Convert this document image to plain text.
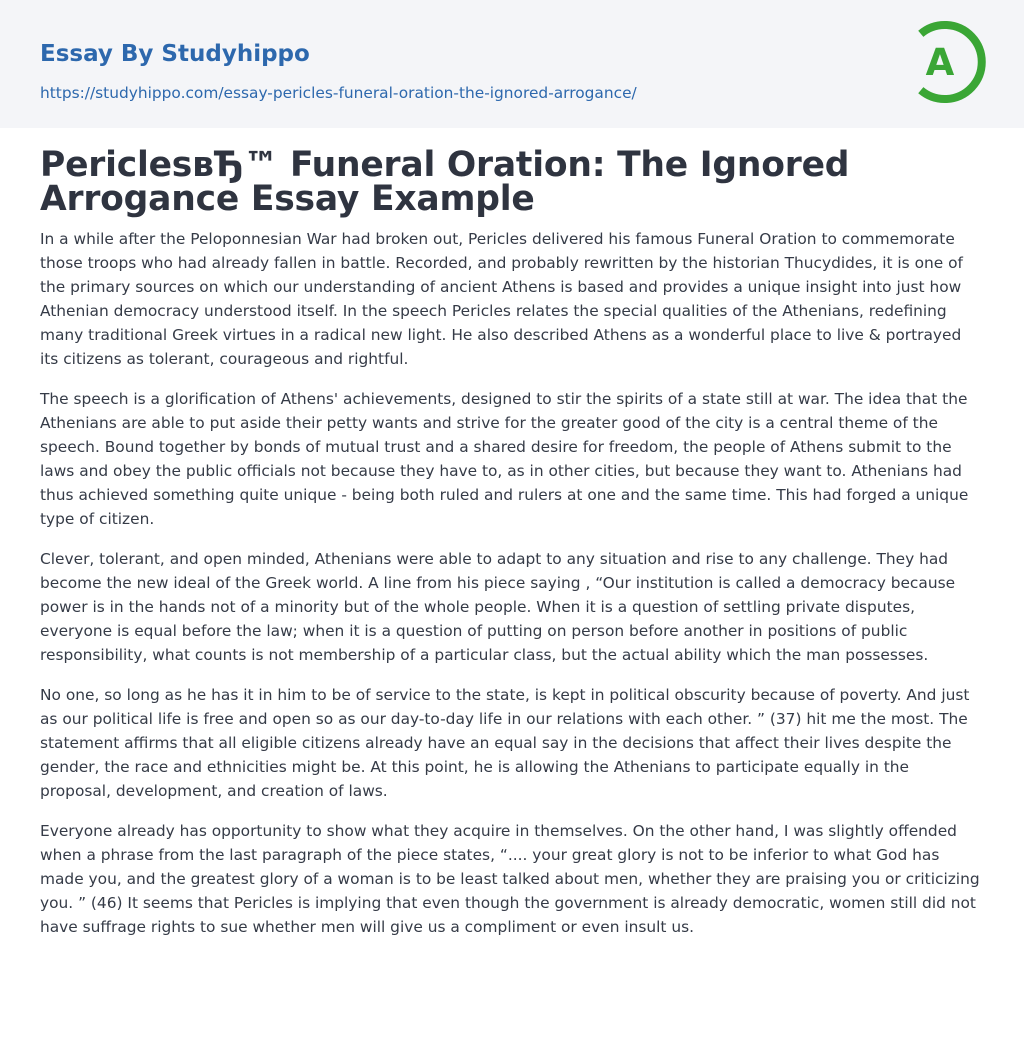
Essay By Studyhippo
https://studyhippo.com/essay-pericles-funeral-oration-the-ignored-arrogance/
A
PericlesвЂ™ Funeral Oration: The Ignored Arrogance Essay Example

In a while after the Peloponnesian War had broken out, Pericles delivered his famous Funeral Oration to commemorate those troops who had already fallen in battle. Recorded, and probably rewritten by the historian Thucydides, it is one of the primary sources on which our understanding of ancient Athens is based and provides a unique insight into just how Athenian democracy understood itself. In the speech Pericles relates the special qualities of the Athenians, redefining many traditional Greek virtues in a radical new light. He also described Athens as a wonderful place to live & portrayed its citizens as tolerant, courageous and rightful.

The speech is a glorification of Athens' achievements, designed to stir the spirits of a state still at war. The idea that the Athenians are able to put aside their petty wants and strive for the greater good of the city is a central theme of the speech. Bound together by bonds of mutual trust and a shared desire for freedom, the people of Athens submit to the laws and obey the public officials not because they have to, as in other cities, but because they want to. Athenians had thus achieved something quite unique - being both ruled and rulers at one and the same time. This had forged a unique type of citizen.

Clever, tolerant, and open minded, Athenians were able to adapt to any situation and rise to any challenge. They had become the new ideal of the Greek world. A line from his piece saying , “Our institution is called a democracy because power is in the hands not of a minority but of the whole people. When it is a question of settling private disputes, everyone is equal before the law; when it is a question of putting on person before another in positions of public responsibility, what counts is not membership of a particular class, but the actual ability which the man possesses.

No one, so long as he has it in him to be of service to the state, is kept in political obscurity because of poverty. And just as our political life is free and open so as our day-to-day life in our relations with each other. ” (37) hit me the most. The statement affirms that all eligible citizens already have an equal say in the decisions that affect their lives despite the gender, the race and ethnicities might be. At this point, he is allowing the Athenians to participate equally in the proposal, development, and creation of laws.

Everyone already has opportunity to show what they acquire in themselves. On the other hand, I was slightly offended when a phrase from the last paragraph of the piece states, “.... your great glory is not to be inferior to what God has made you, and the greatest glory of a woman is to be least talked about men, whether they are praising you or criticizing you. ” (46) It seems that Pericles is implying that even though the government is already democratic, women still did not have suffrage rights to sue whether men will give us a compliment or even insult us.
